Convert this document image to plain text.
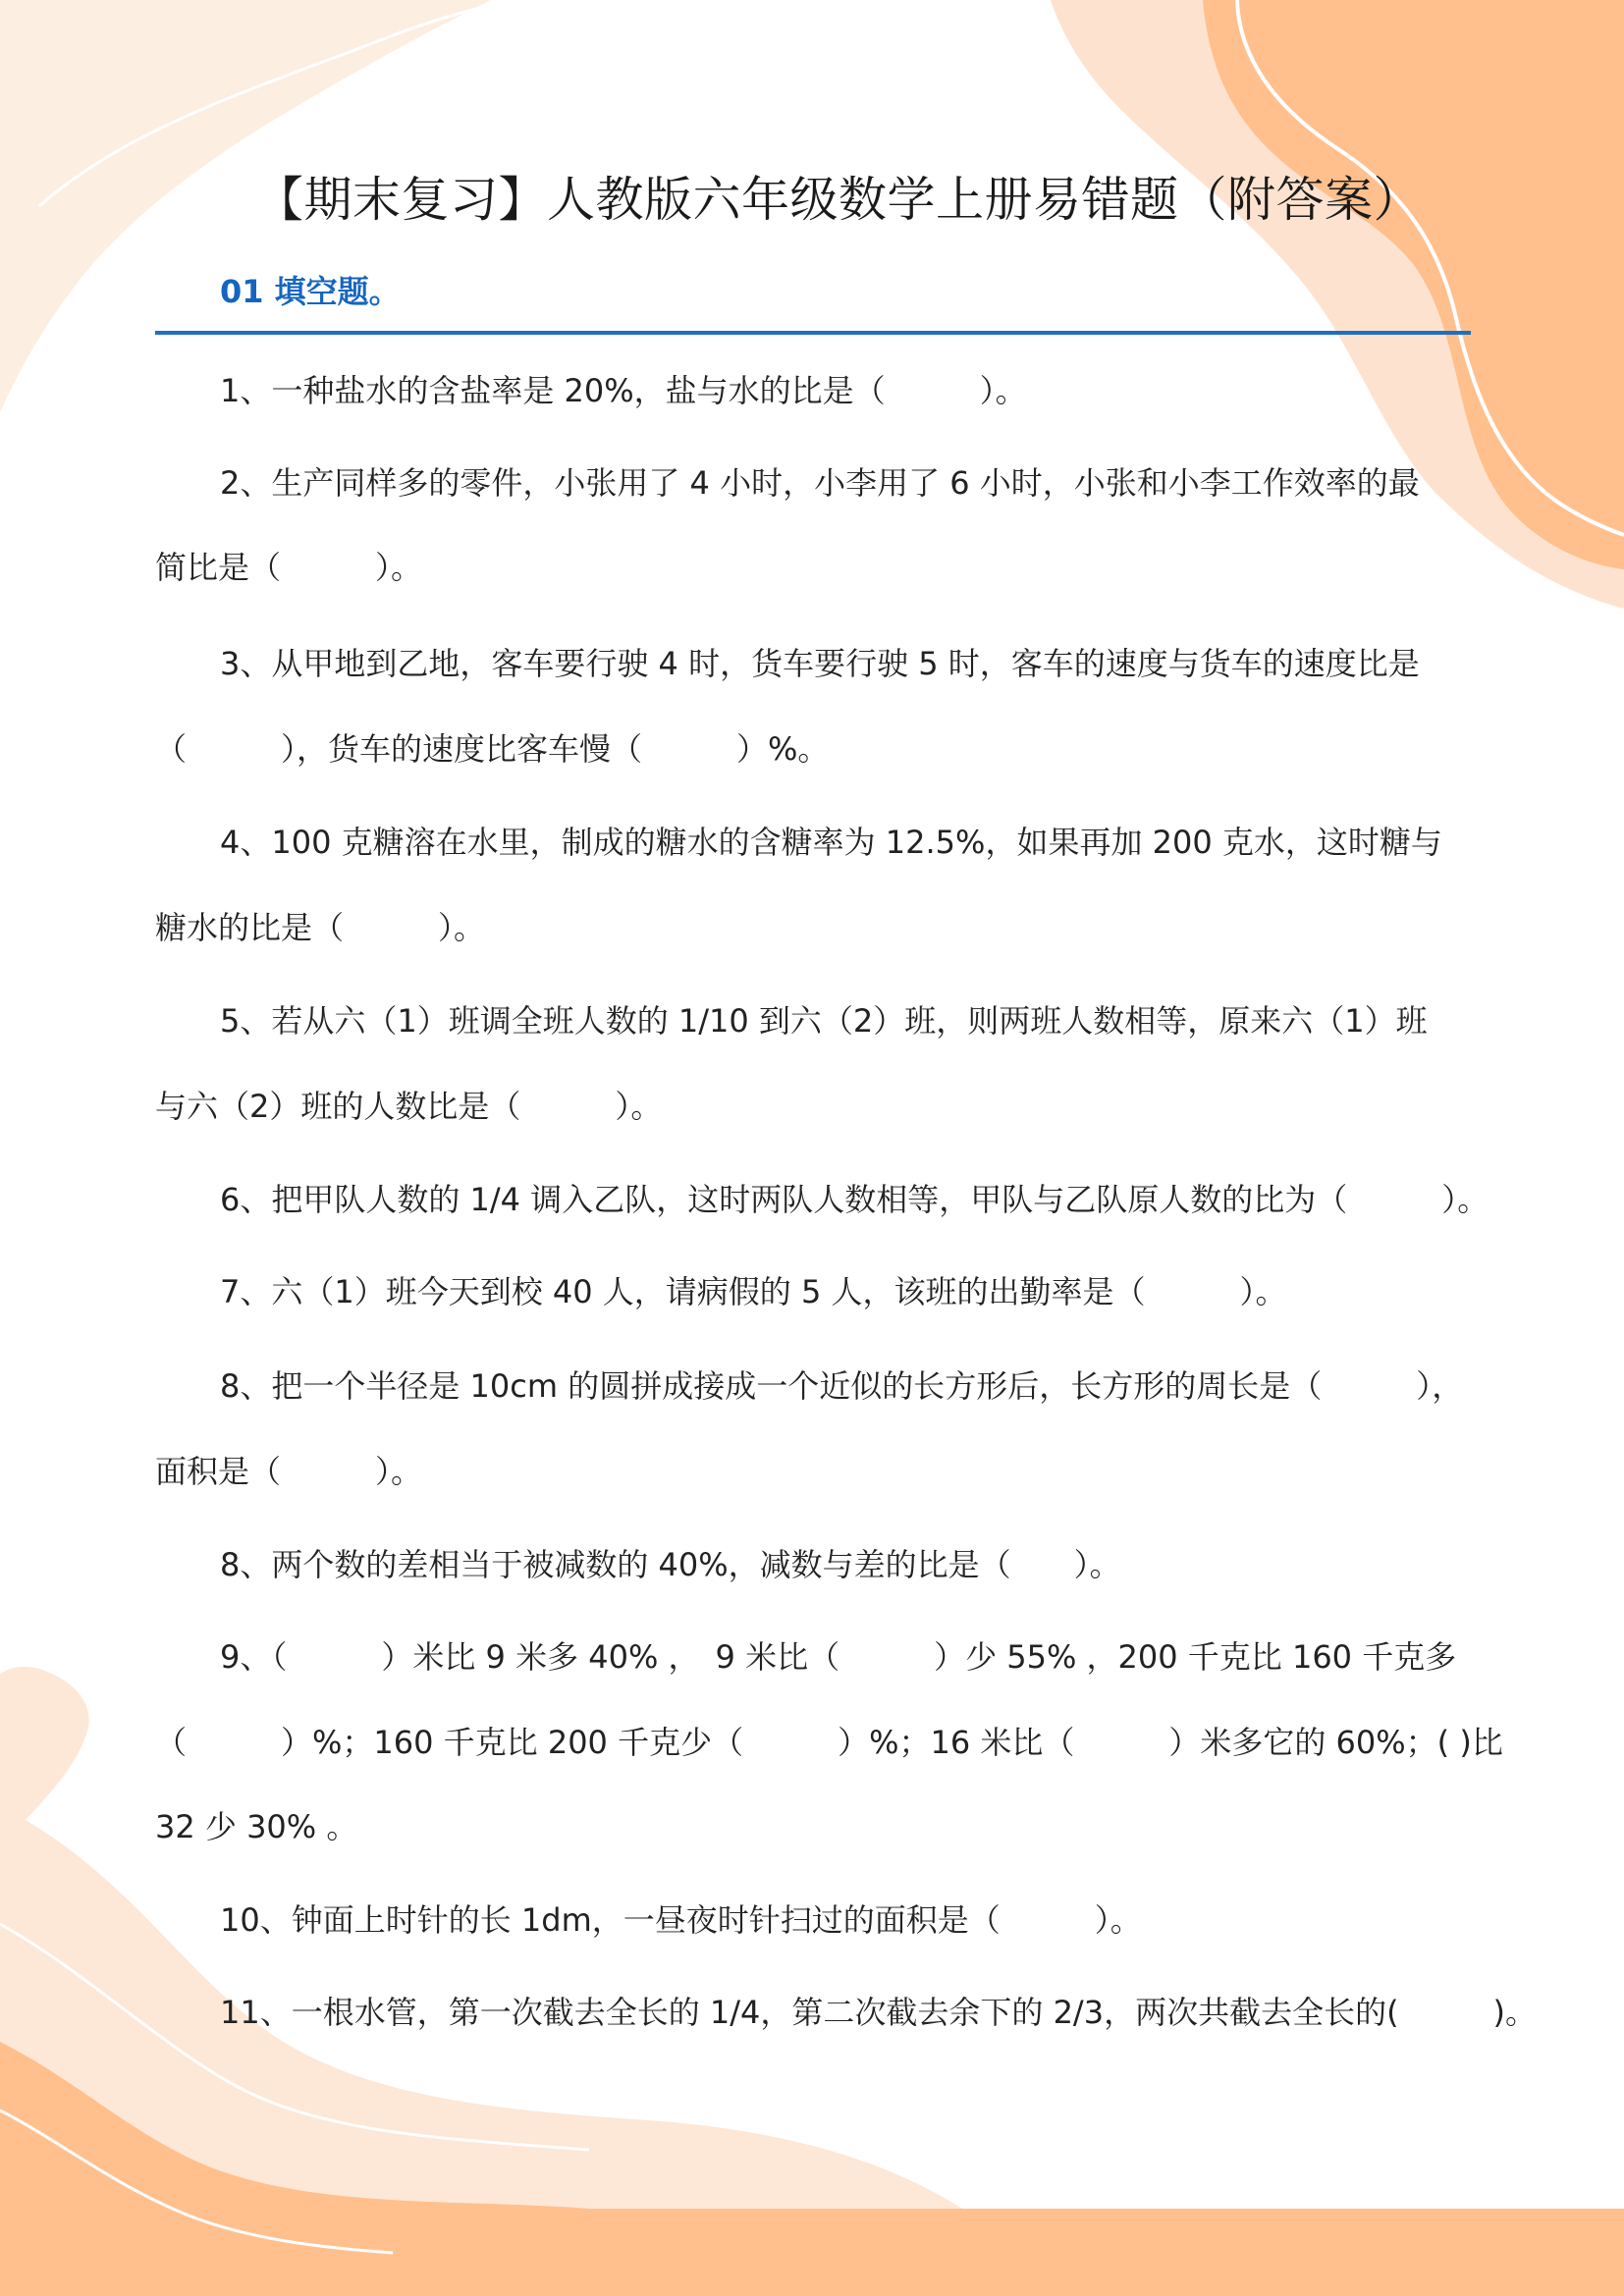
【期末复习】人教版六年级数学上册易错题（附答案）
01 填空题。
1、一种盐水的含盐率是 20%，盐与水的比是（　　　）。
2、生产同样多的零件，小张用了 4 小时，小李用了 6 小时，小张和小李工作效率的最
简比是（　　　）。
3、从甲地到乙地，客车要行驶 4 时，货车要行驶 5 时，客车的速度与货车的速度比是
（　　　），货车的速度比客车慢（　　　）%。
4、100 克糖溶在水里，制成的糖水的含糖率为 12.5%，如果再加 200 克水，这时糖与
糖水的比是（　　　）。
5、若从六（1）班调全班人数的 1/10 到六（2）班，则两班人数相等，原来六（1）班
与六（2）班的人数比是（　　　）。
6、把甲队人数的 1/4 调入乙队，这时两队人数相等，甲队与乙队原人数的比为（　　　）。
7、六（1）班今天到校 40 人，请病假的 5 人，该班的出勤率是（　　　）。
8、把一个半径是 10cm 的圆拼成接成一个近似的长方形后，长方形的周长是（　　　），
面积是（　　　）。
8、两个数的差相当于被减数的 40%，减数与差的比是（　　）。
9、（　　　）米比 9 米多 40% ，　9 米比（　　　）少 55% ，200 千克比 160 千克多
（　　　）%；160 千克比 200 千克少（　　　）%；16 米比（　　　）米多它的 60%；( )比
32 少 30% 。
10、钟面上时针的长 1dm，一昼夜时针扫过的面积是（　　　）。
11、一根水管，第一次截去全长的 1/4，第二次截去余下的 2/3，两次共截去全长的(　　　)。
